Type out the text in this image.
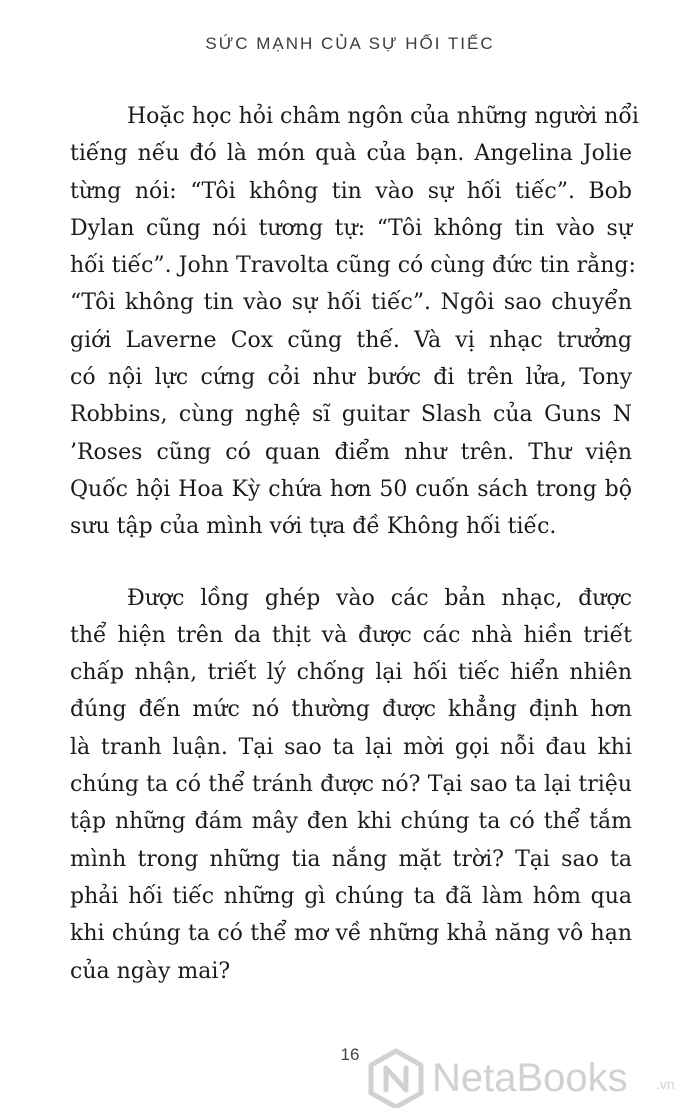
SỨC MẠNH CỦA SỰ HỐI TIẾC
Hoặc học hỏi châm ngôn của những người nổi
tiếng nếu đó là món quà của bạn. Angelina Jolie
từng nói: “Tôi không tin vào sự hối tiếc”. Bob
Dylan cũng nói tương tự: “Tôi không tin vào sự
hối tiếc”. John Travolta cũng có cùng đức tin rằng:
“Tôi không tin vào sự hối tiếc”. Ngôi sao chuyển
giới Laverne Cox cũng thế. Và vị nhạc trưởng
có nội lực cứng cỏi như bước đi trên lửa, Tony
Robbins, cùng nghệ sĩ guitar Slash của Guns N
’Roses cũng có quan điểm như trên. Thư viện
Quốc hội Hoa Kỳ chứa hơn 50 cuốn sách trong bộ
sưu tập của mình với tựa đề Không hối tiếc.
Được lồng ghép vào các bản nhạc, được
thể hiện trên da thịt và được các nhà hiền triết
chấp nhận, triết lý chống lại hối tiếc hiển nhiên
đúng đến mức nó thường được khẳng định hơn
là tranh luận. Tại sao ta lại mời gọi nỗi đau khi
chúng ta có thể tránh được nó? Tại sao ta lại triệu
tập những đám mây đen khi chúng ta có thể tắm
mình trong những tia nắng mặt trời? Tại sao ta
phải hối tiếc những gì chúng ta đã làm hôm qua
khi chúng ta có thể mơ về những khả năng vô hạn
của ngày mai?
16
NetaBooks .vn
